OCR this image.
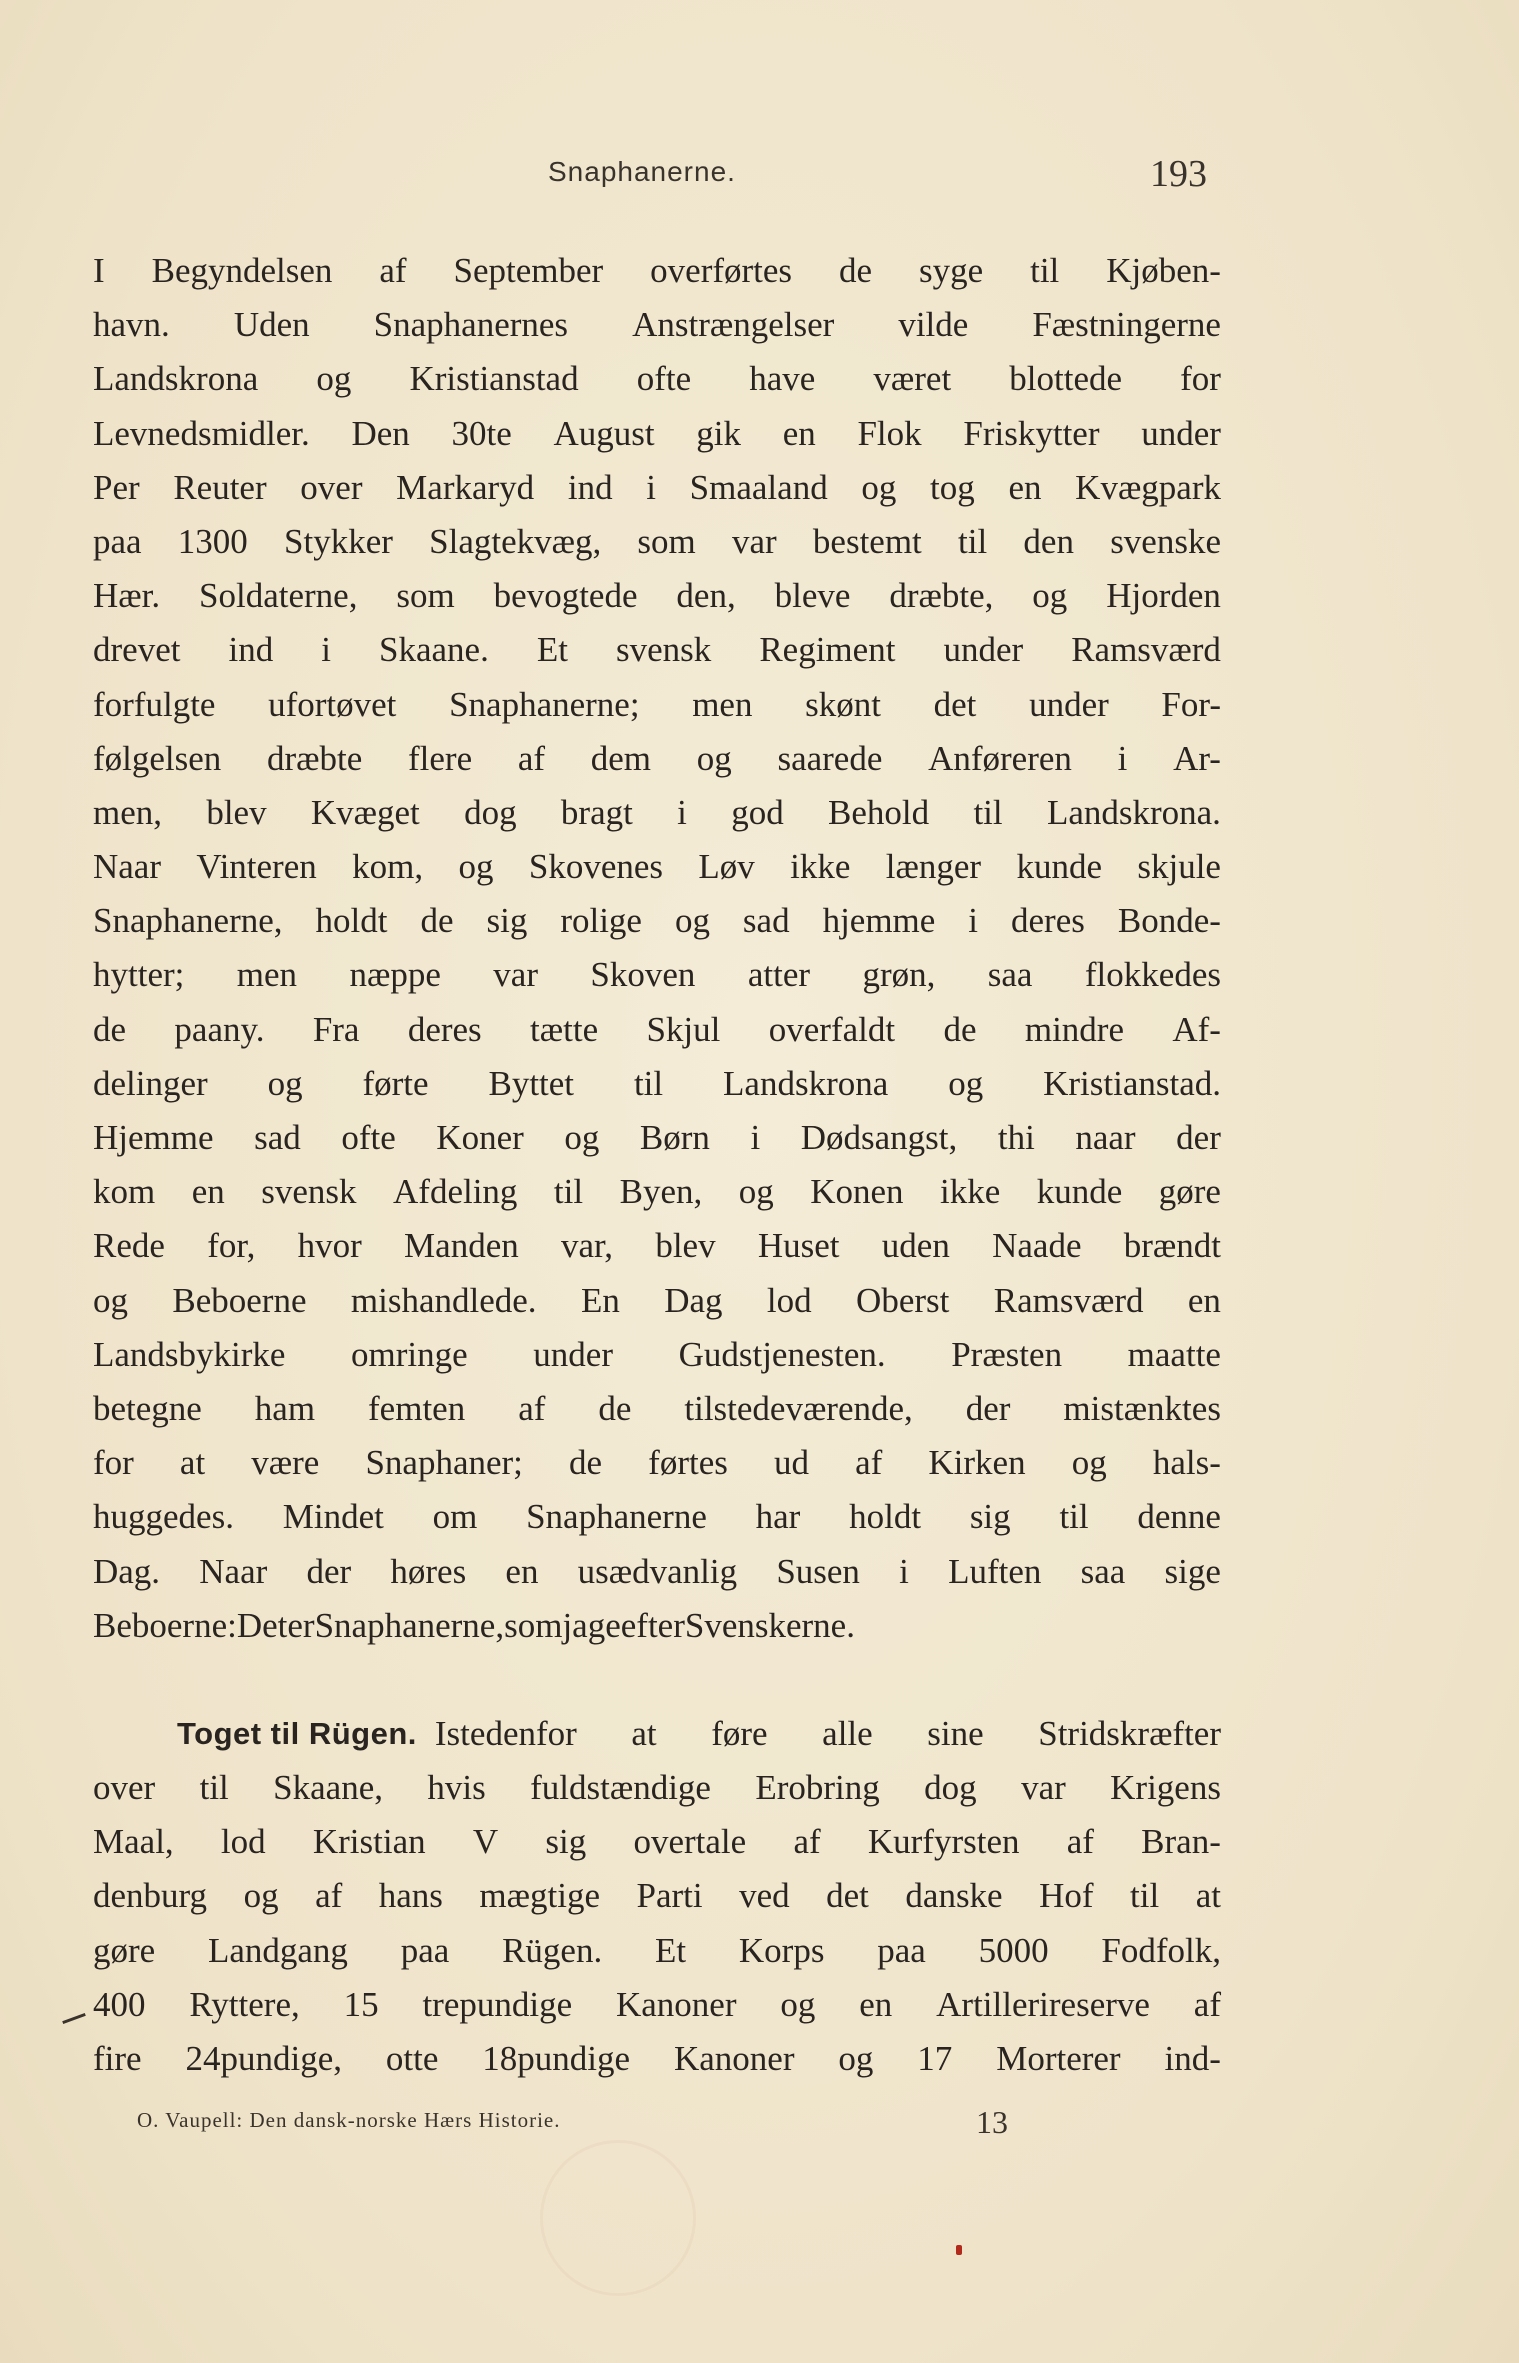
Snaphanerne.	193
I Begyndelsen af September overførtes de syge til Kjøben-
havn. Uden Snaphanernes Anstrængelser vilde Fæstningerne
Landskrona og Kristianstad ofte have været blottede for
Levnedsmidler. Den 30te August gik en Flok Friskytter under
Per Reuter over Markaryd ind i Smaaland og tog en Kvægpark
paa 1300 Stykker Slagtekvæg, som var bestemt til den svenske
Hær. Soldaterne, som bevogtede den, bleve dræbte, og Hjorden
drevet ind i Skaane. Et svensk Regiment under Ramsværd
forfulgte ufortøvet Snaphanerne; men skønt det under For-
følgelsen dræbte flere af dem og saarede Anføreren i Ar-
men, blev Kvæget dog bragt i god Behold til Landskrona.
Naar Vinteren kom, og Skovenes Løv ikke længer kunde skjule
Snaphanerne, holdt de sig rolige og sad hjemme i deres Bonde-
hytter; men næppe var Skoven atter grøn, saa flokkedes
de paany. Fra deres tætte Skjul overfaldt de mindre Af-
delinger og førte Byttet til Landskrona og Kristianstad.
Hjemme sad ofte Koner og Børn i Dødsangst, thi naar der
kom en svensk Afdeling til Byen, og Konen ikke kunde gøre
Rede for, hvor Manden var, blev Huset uden Naade brændt
og Beboerne mishandlede. En Dag lod Oberst Ramsværd en
Landsbykirke omringe under Gudstjenesten. Præsten maatte
betegne ham femten af de tilstedeværende, der mistænktes
for at være Snaphaner; de førtes ud af Kirken og hals-
huggedes. Mindet om Snaphanerne har holdt sig til denne
Dag. Naar der høres en usædvanlig Susen i Luften saa sige
Beboerne: Det er Snaphanerne, som jage efter Svenskerne.
Toget til Rügen. Istedenfor at føre alle sine Stridskræfter
over til Skaane, hvis fuldstændige Erobring dog var Krigens
Maal, lod Kristian V sig overtale af Kurfyrsten af Bran-
denburg og af hans mægtige Parti ved det danske Hof til at
gøre Landgang paa Rügen. Et Korps paa 5000 Fodfolk,
400 Ryttere, 15 trepundige Kanoner og en Artillerireserve af
fire 24pundige, otte 18pundige Kanoner og 17 Morterer ind-
O. Vaupell: Den dansk-norske Hærs Historie.	13
